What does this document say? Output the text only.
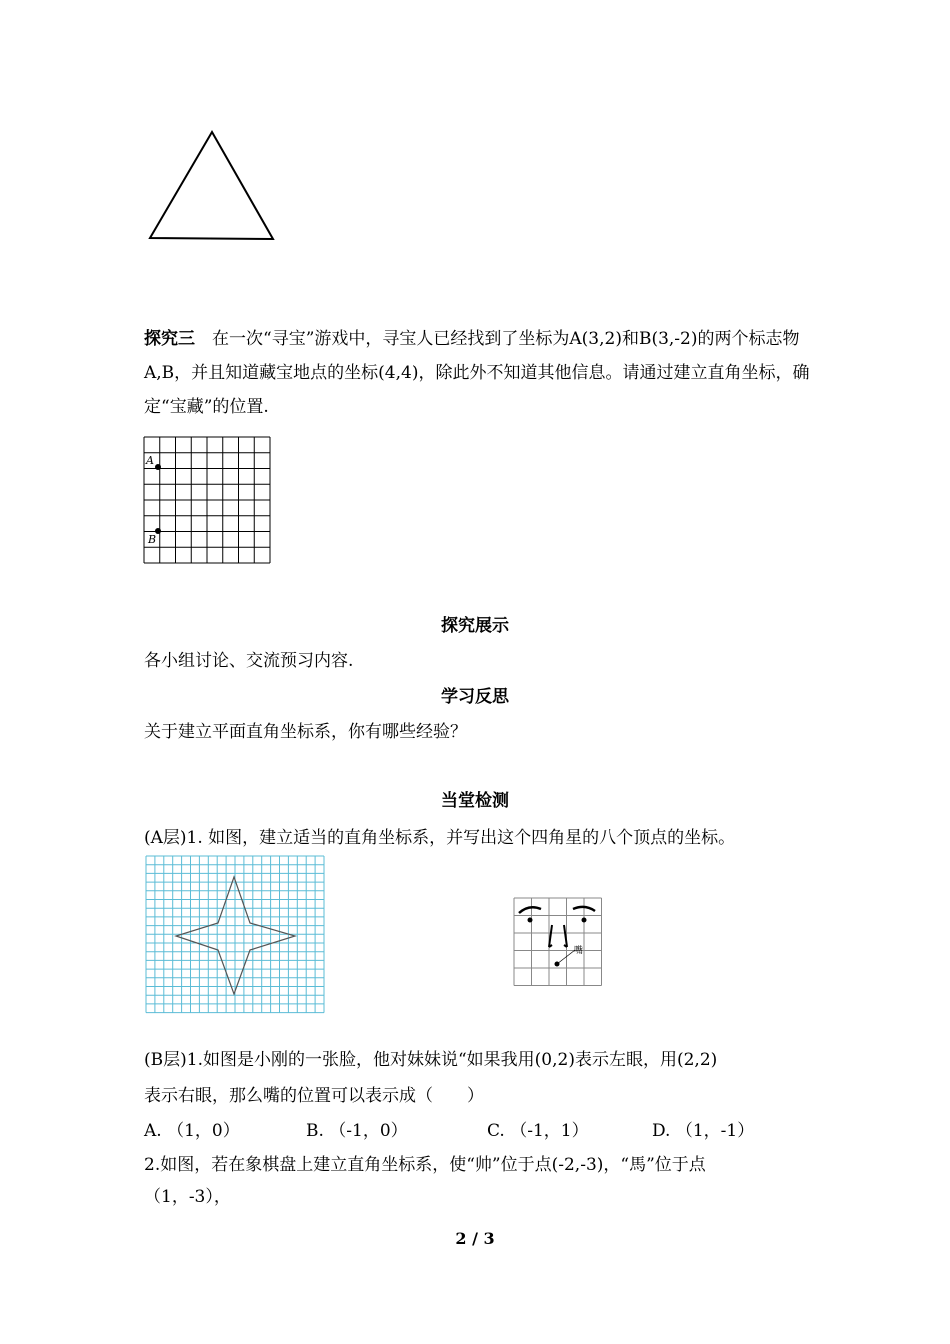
探究三　在一次“寻宝”游戏中，寻宝人已经找到了坐标为A(3,2)和B(3,-2)的两个标志物A,B，并且知道藏宝地点的坐标(4,4)，除此外不知道其他信息。请通过建立直角坐标，确定“宝藏”的位置.
A
B
探究展示
各小组讨论、交流预习内容.
学习反思
关于建立平面直角坐标系，你有哪些经验？
当堂检测
(A层)1. 如图，建立适当的直角坐标系，并写出这个四角星的八个顶点的坐标。
嘴
(B层)1.如图是小刚的一张脸，他对妹妹说“如果我用(0,2)表示左眼，用(2,2)
表示右眼，那么嘴的位置可以表示成（　　）
A. （1，0）	B. （-1，0）	C. （-1，1）	D. （1，-1）
2.如图，若在象棋盘上建立直角坐标系，使“帅”位于点(-2,-3)，“馬”位于点
（1，-3），
2 / 3
